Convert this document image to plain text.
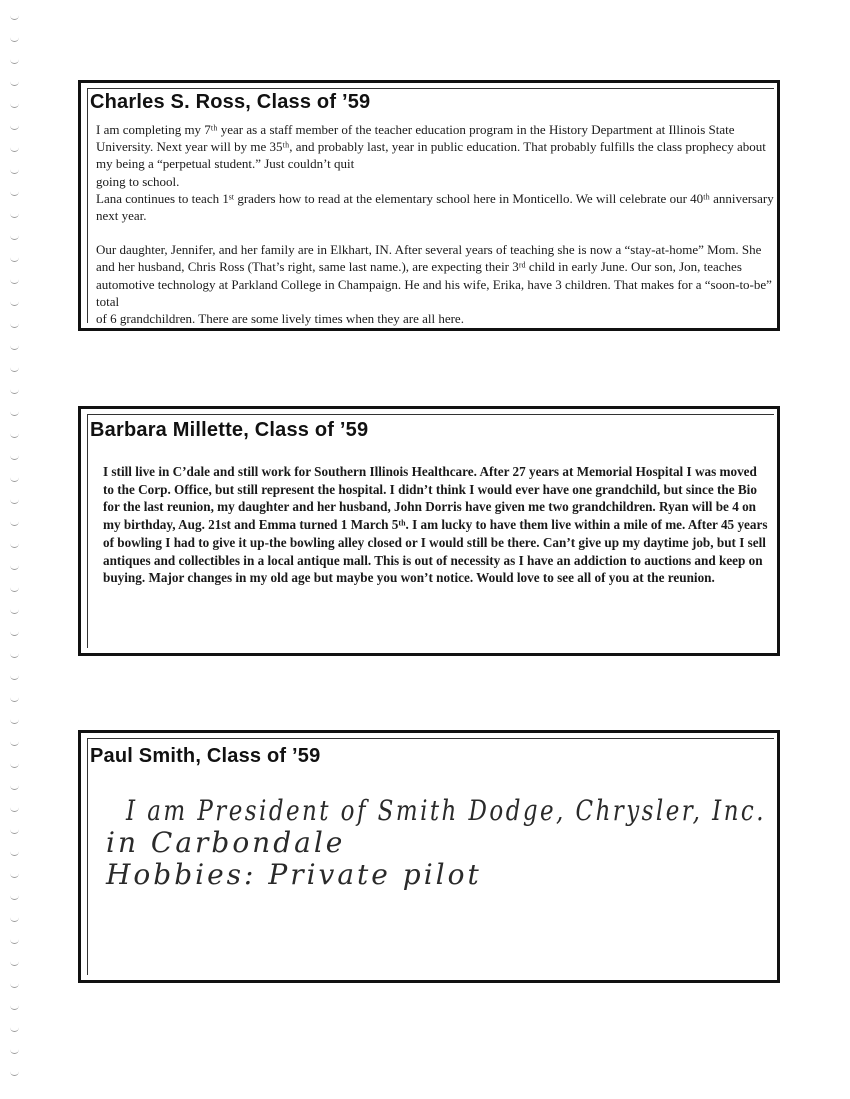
Charles S. Ross, Class of ’59

I am completing my 7ᵗʰ year as a staff member of the teacher education program in the History Department at Illinois State University. Next year will by me 35ᵗʰ, and probably last, year in public education. That probably fulfills the class prophecy about my being a “perpetual student.” Just couldn’t quit

going to school.

Lana continues to teach 1ˢᵗ graders how to read at the elementary school here in Monticello. We will celebrate our 40ᵗʰ anniversary next year.

Our daughter, Jennifer, and her family are in Elkhart, IN. After several years of teaching she is now a “stay-at-home” Mom. She and her husband, Chris Ross (That’s right, same last name.), are expecting their 3ʳᵈ child in early June. Our son, Jon, teaches automotive technology at Parkland College in Champaign. He and his wife, Erika, have 3 children. That makes for a “soon-to-be” total

of 6 grandchildren. There are some lively times when they are all here.

Barbara Millette, Class of ’59

I still live in C’dale and still work for Southern Illinois Healthcare. After 27 years at Memorial Hospital I was moved to the Corp. Office, but still represent the hospital. I didn’t think I would ever have one grandchild, but since the Bio for the last reunion, my daughter and her husband, John Dorris have given me two grandchildren. Ryan will be 4 on my birthday, Aug. 21st and Emma turned 1 March 5ᵗʰ. I am lucky to have them live within a mile of me. After 45 years of bowling I had to give it up-the bowling alley closed or I would still be there. Can’t give up my daytime job, but I sell antiques and collectibles in a local antique mall. This is out of necessity as I have an addiction to auctions and keep on buying. Major changes in my old age but maybe you won’t notice. Would love to see all of you at the reunion.

Paul Smith, Class of ’59
I am President of Smith Dodge, Chrysler, Inc.
in Carbondale
Hobbies: Private pilot
